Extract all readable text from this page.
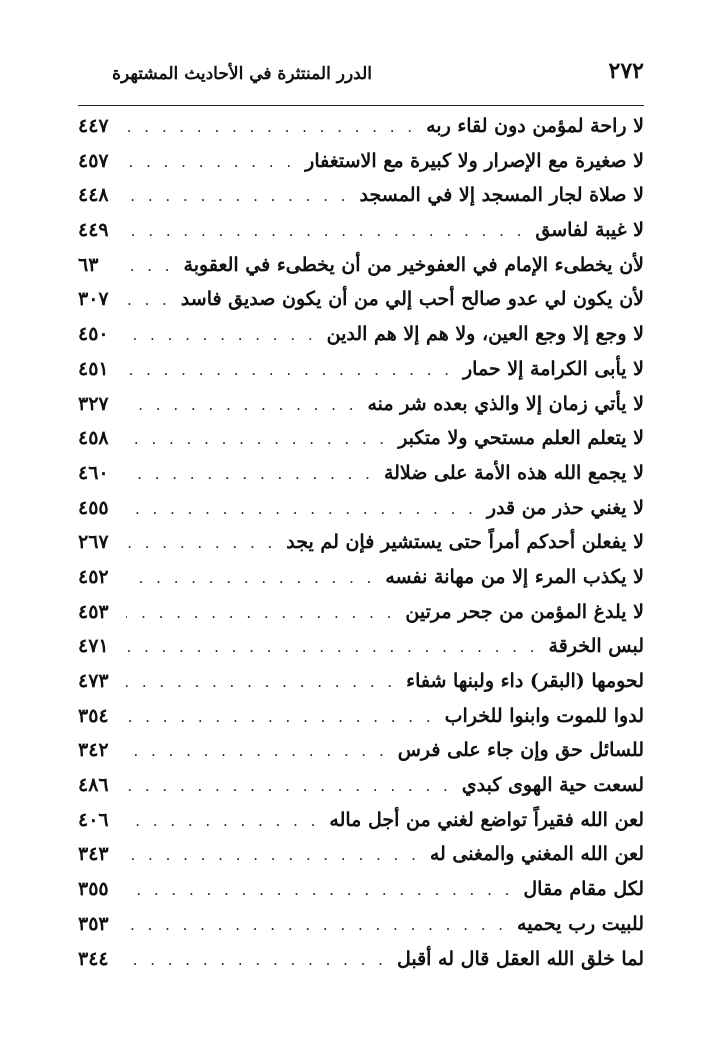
٢٧٢
الدرر المنتثرة في الأحاديث المشتهرة
لا راحة لمؤمن دون لقاء ربه
. . .
٤٤٧
لا صغيرة مع الإصرار ولا كبيرة مع الاستغفار
. . .
٤٥٧
لا صلاة لجار المسجد إلا في المسجد
. . .
٤٤٨
لا غيبة لفاسق
. . .
٤٤٩
لأن يخطىء الإمام في العفوخير من أن يخطىء في العقوبة
. . .
٦٣
لأن يكون لي عدو صالح أحب إلي من أن يكون صديق فاسد
. . .
٣٠٧
لا وجع إلا وجع العين، ولا هم إلا هم الدين
. . .
٤٥٠
لا يأبى الكرامة إلا حمار
. . .
٤٥١
لا يأتي زمان إلا والذي بعده شر منه
. . .
٣٢٧
لا يتعلم العلم مستحي ولا متكبر
. . .
٤٥٨
لا يجمع الله هذه الأمة على ضلالة
. . .
٤٦٠
لا يغني حذر من قدر
. . .
٤٥٥
لا يفعلن أحدكم أمراً حتى يستشير فإن لم يجد
. . .
٢٦٧
لا يكذب المرء إلا من مهانة نفسه
. . .
٤٥٢
لا يلدغ المؤمن من جحر مرتين
. . .
٤٥٣
لبس الخرقة
. . .
٤٧١
لحومها (البقر) داء ولبنها شفاء
. . .
٤٧٣
لدوا للموت وابنوا للخراب
. . .
٣٥٤
للسائل حق وإن جاء على فرس
. . .
٣٤٢
لسعت حية الهوى كبدي
. . .
٤٨٦
لعن الله فقيراً تواضع لغني من أجل ماله
. . .
٤٠٦
لعن الله المغني والمغنى له
. . .
٣٤٣
لكل مقام مقال
. . .
٣٥٥
للبيت رب يحميه
. . .
٣٥٣
لما خلق الله العقل قال له أقبل
. . .
٣٤٤
